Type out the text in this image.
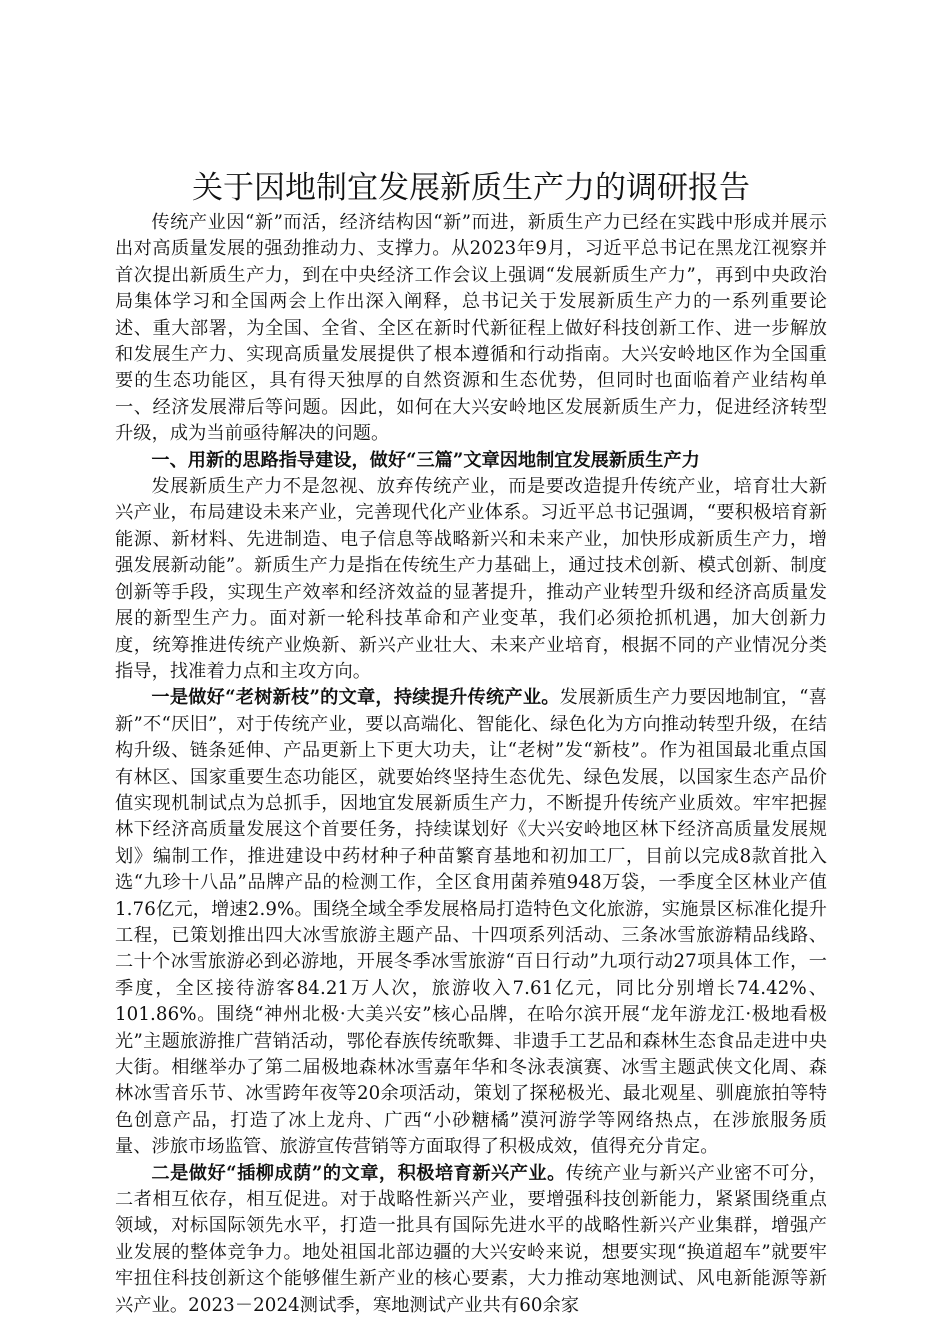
关于因地制宜发展新质生产力的调研报告

传统产业因“新”而活，经济结构因“新”而进，新质生产力已经在实践中形成并展示出对高质量发展的强劲推动力、支撑力。从2023年9月，习近平总书记在黑龙江视察并首次提出新质生产力，到在中央经济工作会议上强调“发展新质生产力”，再到中央政治局集体学习和全国两会上作出深入阐释，总书记关于发展新质生产力的一系列重要论述、重大部署，为全国、全省、全区在新时代新征程上做好科技创新工作、进一步解放和发展生产力、实现高质量发展提供了根本遵循和行动指南。大兴安岭地区作为全国重要的生态功能区，具有得天独厚的自然资源和生态优势，但同时也面临着产业结构单一、经济发展滞后等问题。因此，如何在大兴安岭地区发展新质生产力，促进经济转型升级，成为当前亟待解决的问题。

一、用新的思路指导建设，做好“三篇”文章因地制宜发展新质生产力

发展新质生产力不是忽视、放弃传统产业，而是要改造提升传统产业，培育壮大新兴产业，布局建设未来产业，完善现代化产业体系。习近平总书记强调，“要积极培育新能源、新材料、先进制造、电子信息等战略新兴和未来产业，加快形成新质生产力，增强发展新动能”。新质生产力是指在传统生产力基础上，通过技术创新、模式创新、制度创新等手段，实现生产效率和经济效益的显著提升，推动产业转型升级和经济高质量发展的新型生产力。面对新一轮科技革命和产业变革，我们必须抢抓机遇，加大创新力度，统筹推进传统产业焕新、新兴产业壮大、未来产业培育，根据不同的产业情况分类指导，找准着力点和主攻方向。

一是做好“老树新枝”的文章，持续提升传统产业。发展新质生产力要因地制宜，“喜新”不“厌旧”，对于传统产业，要以高端化、智能化、绿色化为方向推动转型升级，在结构升级、链条延伸、产品更新上下更大功夫，让“老树”发“新枝”。作为祖国最北重点国有林区、国家重要生态功能区，就要始终坚持生态优先、绿色发展，以国家生态产品价值实现机制试点为总抓手，因地宜发展新质生产力，不断提升传统产业质效。牢牢把握林下经济高质量发展这个首要任务，持续谋划好《大兴安岭地区林下经济高质量发展规划》编制工作，推进建设中药材种子种苗繁育基地和初加工厂，目前以完成8款首批入选“九珍十八品”品牌产品的检测工作，全区食用菌养殖948万袋，一季度全区林业产值1.76亿元，增速2.9%。围绕全域全季发展格局打造特色文化旅游，实施景区标准化提升工程，已策划推出四大冰雪旅游主题产品、十四项系列活动、三条冰雪旅游精品线路、二十个冰雪旅游必到必游地，开展冬季冰雪旅游“百日行动”九项行动27项具体工作，一季度，全区接待游客84.21万人次，旅游收入7.61亿元，同比分别增长74.42%、101.86%。围绕“神州北极·大美兴安”核心品牌，在哈尔滨开展“龙年游龙江·极地看极光”主题旅游推广营销活动，鄂伦春族传统歌舞、非遗手工艺品和森林生态食品走进中央大街。相继举办了第二届极地森林冰雪嘉年华和冬泳表演赛、冰雪主题武侠文化周、森林冰雪音乐节、冰雪跨年夜等20余项活动，策划了探秘极光、最北观星、驯鹿旅拍等特色创意产品，打造了冰上龙舟、广西“小砂糖橘”漠河游学等网络热点，在涉旅服务质量、涉旅市场监管、旅游宣传营销等方面取得了积极成效，值得充分肯定。

二是做好“插柳成荫”的文章，积极培育新兴产业。传统产业与新兴产业密不可分，二者相互依存，相互促进。对于战略性新兴产业，要增强科技创新能力，紧紧围绕重点领域，对标国际领先水平，打造一批具有国际先进水平的战略性新兴产业集群，增强产业发展的整体竞争力。地处祖国北部边疆的大兴安岭来说，想要实现“换道超车”就要牢牢扭住科技创新这个能够催生新产业的核心要素，大力推动寒地测试、风电新能源等新兴产业。2023－2024测试季，寒地测试产业共有60余家
